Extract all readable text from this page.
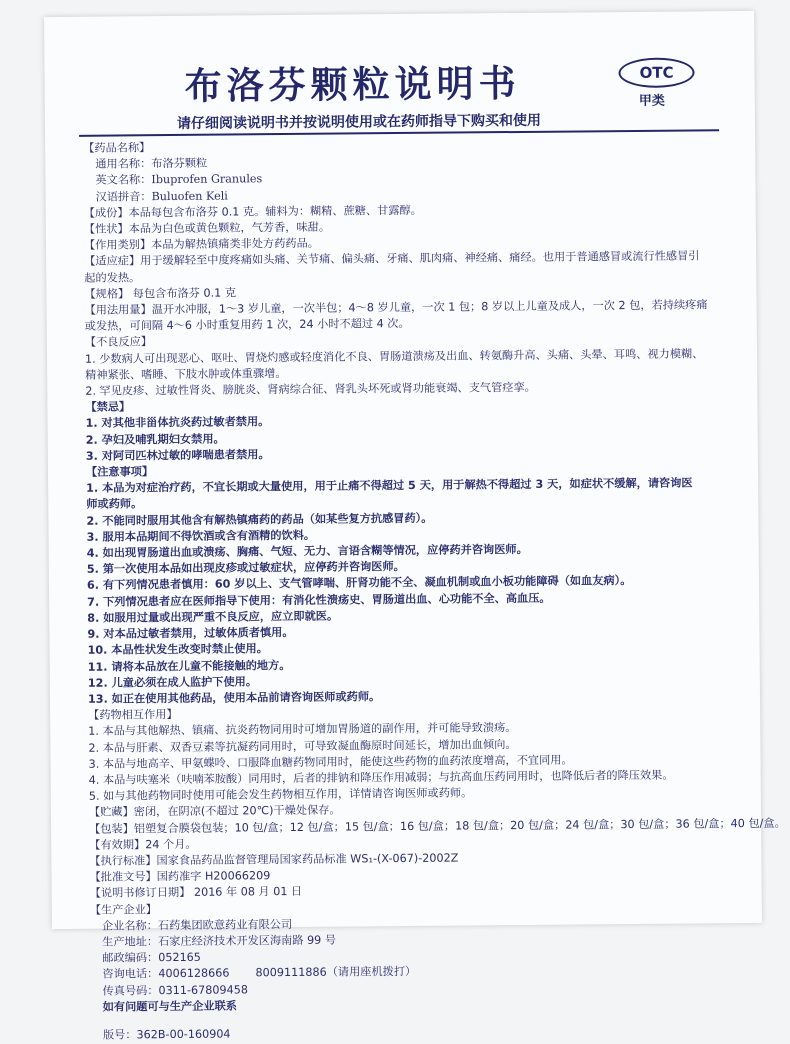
布洛芬颗粒说明书	OTC
甲类
请仔细阅读说明书并按说明使用或在药师指导下购买和使用
【药品名称】
通用名称：布洛芬颗粒
英文名称：Ibuprofen Granules
汉语拼音：Buluofen Keli
【成份】本品每包含布洛芬 0.1 克。辅料为：糊精、蔗糖、甘露醇。
【性状】本品为白色或黄色颗粒，气芳香，味甜。
【作用类别】本品为解热镇痛类非处方药药品。
【适应症】用于缓解轻至中度疼痛如头痛、关节痛、偏头痛、牙痛、肌肉痛、神经痛、痛经。也用于普通感冒或流行性感冒引
起的发热。
【规格】 每包含布洛芬 0.1 克
【用法用量】温开水冲服，1～3 岁儿童，一次半包；4～8 岁儿童，一次 1 包；8 岁以上儿童及成人，一次 2 包，若持续疼痛
或发热，可间隔 4～6 小时重复用药 1 次，24 小时不超过 4 次。
【不良反应】
1. 少数病人可出现恶心、呕吐、胃烧灼感或轻度消化不良、胃肠道溃疡及出血、转氨酶升高、头痛、头晕、耳鸣、视力模糊、
精神紧张、嗜睡、下肢水肿或体重骤增。
2. 罕见皮疹、过敏性肾炎、膀胱炎、肾病综合征、肾乳头坏死或肾功能衰竭、支气管痉挛。
【禁忌】
1. 对其他非甾体抗炎药过敏者禁用。
2. 孕妇及哺乳期妇女禁用。
3. 对阿司匹林过敏的哮喘患者禁用。
【注意事项】
1. 本品为对症治疗药，不宜长期或大量使用，用于止痛不得超过 5 天，用于解热不得超过 3 天，如症状不缓解，请咨询医
师或药师。
2. 不能同时服用其他含有解热镇痛药的药品（如某些复方抗感冒药）。
3. 服用本品期间不得饮酒或含有酒精的饮料。
4. 如出现胃肠道出血或溃疡、胸痛、气短、无力、言语含糊等情况，应停药并咨询医师。
5. 第一次使用本品如出现皮疹或过敏症状，应停药并咨询医师。
6. 有下列情况患者慎用：60 岁以上、支气管哮喘、肝肾功能不全、凝血机制或血小板功能障碍（如血友病）。
7. 下列情况患者应在医师指导下使用：有消化性溃疡史、胃肠道出血、心功能不全、高血压。
8. 如服用过量或出现严重不良反应，应立即就医。
9. 对本品过敏者禁用，过敏体质者慎用。
10. 本品性状发生改变时禁止使用。
11. 请将本品放在儿童不能接触的地方。
12. 儿童必须在成人监护下使用。
13. 如正在使用其他药品，使用本品前请咨询医师或药师。
【药物相互作用】
1. 本品与其他解热、镇痛、抗炎药物同用时可增加胃肠道的副作用，并可能导致溃疡。
2. 本品与肝素、双香豆素等抗凝药同用时，可导致凝血酶原时间延长，增加出血倾向。
3. 本品与地高辛、甲氨蝶呤、口服降血糖药物同用时，能使这些药物的血药浓度增高，不宜同用。
4. 本品与呋塞米（呋喃苯胺酸）同用时，后者的排钠和降压作用减弱；与抗高血压药同用时，也降低后者的降压效果。
5. 如与其他药物同时使用可能会发生药物相互作用，详情请咨询医师或药师。
【贮藏】密闭，在阴凉(不超过 20℃)干燥处保存。
【包装】铝塑复合膜袋包装；10 包/盒；12 包/盒；15 包/盒；16 包/盒；18 包/盒；20 包/盒；24 包/盒；30 包/盒；36 包/盒；40 包/盒。
【有效期】24 个月。
【执行标准】国家食品药品监督管理局国家药品标准 WS₁-(X-067)-2002Z
【批准文号】国药准字 H20066209
【说明书修订日期】 2016 年 08 月 01 日
【生产企业】
企业名称：石药集团欧意药业有限公司
生产地址：石家庄经济技术开发区海南路 99 号
邮政编码：052165
咨询电话：4006128666 8009111886（请用座机拨打）
传真号码：0311-67809458
如有问题可与生产企业联系
版号：362B-00-160904
